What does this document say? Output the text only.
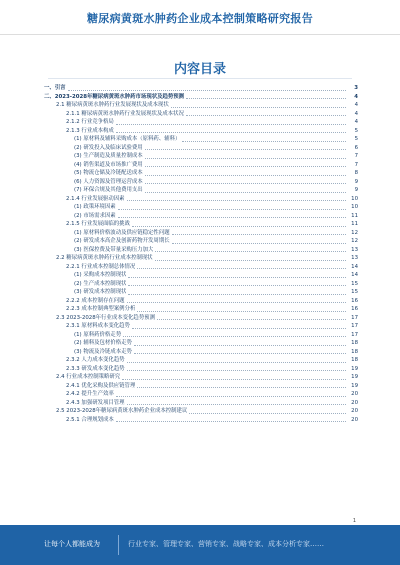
糖尿病黄斑水肿药企业成本控制策略研究报告
内容目录
一、引言	3
二、2023-2028年糖尿病黄斑水肿药市场现状及趋势预测	4
2.1 糖尿病黄斑水肿药行业发展现状及成本现状	4
2.1.1 糖尿病黄斑水肿药行业发展现状及成本状况	4
2.1.2 行业竞争格局	4
2.1.3 行业成本构成	5
(1) 原材料及辅料采购成本（原料药、辅料）	5
(2) 研发投入及临床试验费用	6
(3) 生产制造及质量控制成本	7
(4) 销售渠道及市场推广费用	7
(5) 物流仓储及冷链配送成本	8
(6) 人力资源及管理运营成本	9
(7) 环保合规及其他费用支出	9
2.1.4 行业发展驱动因素	10
(1) 政策环境因素	10
(2) 市场需求因素	11
2.1.5 行业发展面临的挑战	11
(1) 原材料价格波动及供应链稳定性问题	12
(2) 研发成本高企及创新药物开发周期长	12
(3) 医保控费及带量采购压力加大	13
2.2 糖尿病黄斑水肿药行业成本控制现状	13
2.2.1 行业成本控制总体情况	14
(1) 采购成本控制现状	14
(2) 生产成本控制现状	15
(3) 研发成本控制现状	15
2.2.2 成本控制存在问题	16
2.2.3 成本控制典型案例分析	16
2.3 2023-2028年行业成本变化趋势预测	17
2.3.1 原材料成本变化趋势	17
(1) 原料药价格走势	17
(2) 辅料及包材价格走势	18
(3) 物流及冷链成本走势	18
2.3.2 人力成本变化趋势	18
2.3.3 研发成本变化趋势	19
2.4 行业成本控制策略研究	19
2.4.1 优化采购及供应链管理	19
2.4.2 提升生产效率	20
2.4.3 加强研发项目管理	20
2.5 2023-2028年糖尿病黄斑水肿药企业成本控制建议	20
2.5.1 合理规划成本	20
1
让每个人都能成为	行业专家、管理专家、营销专家、战略专家、成本分析专家……
